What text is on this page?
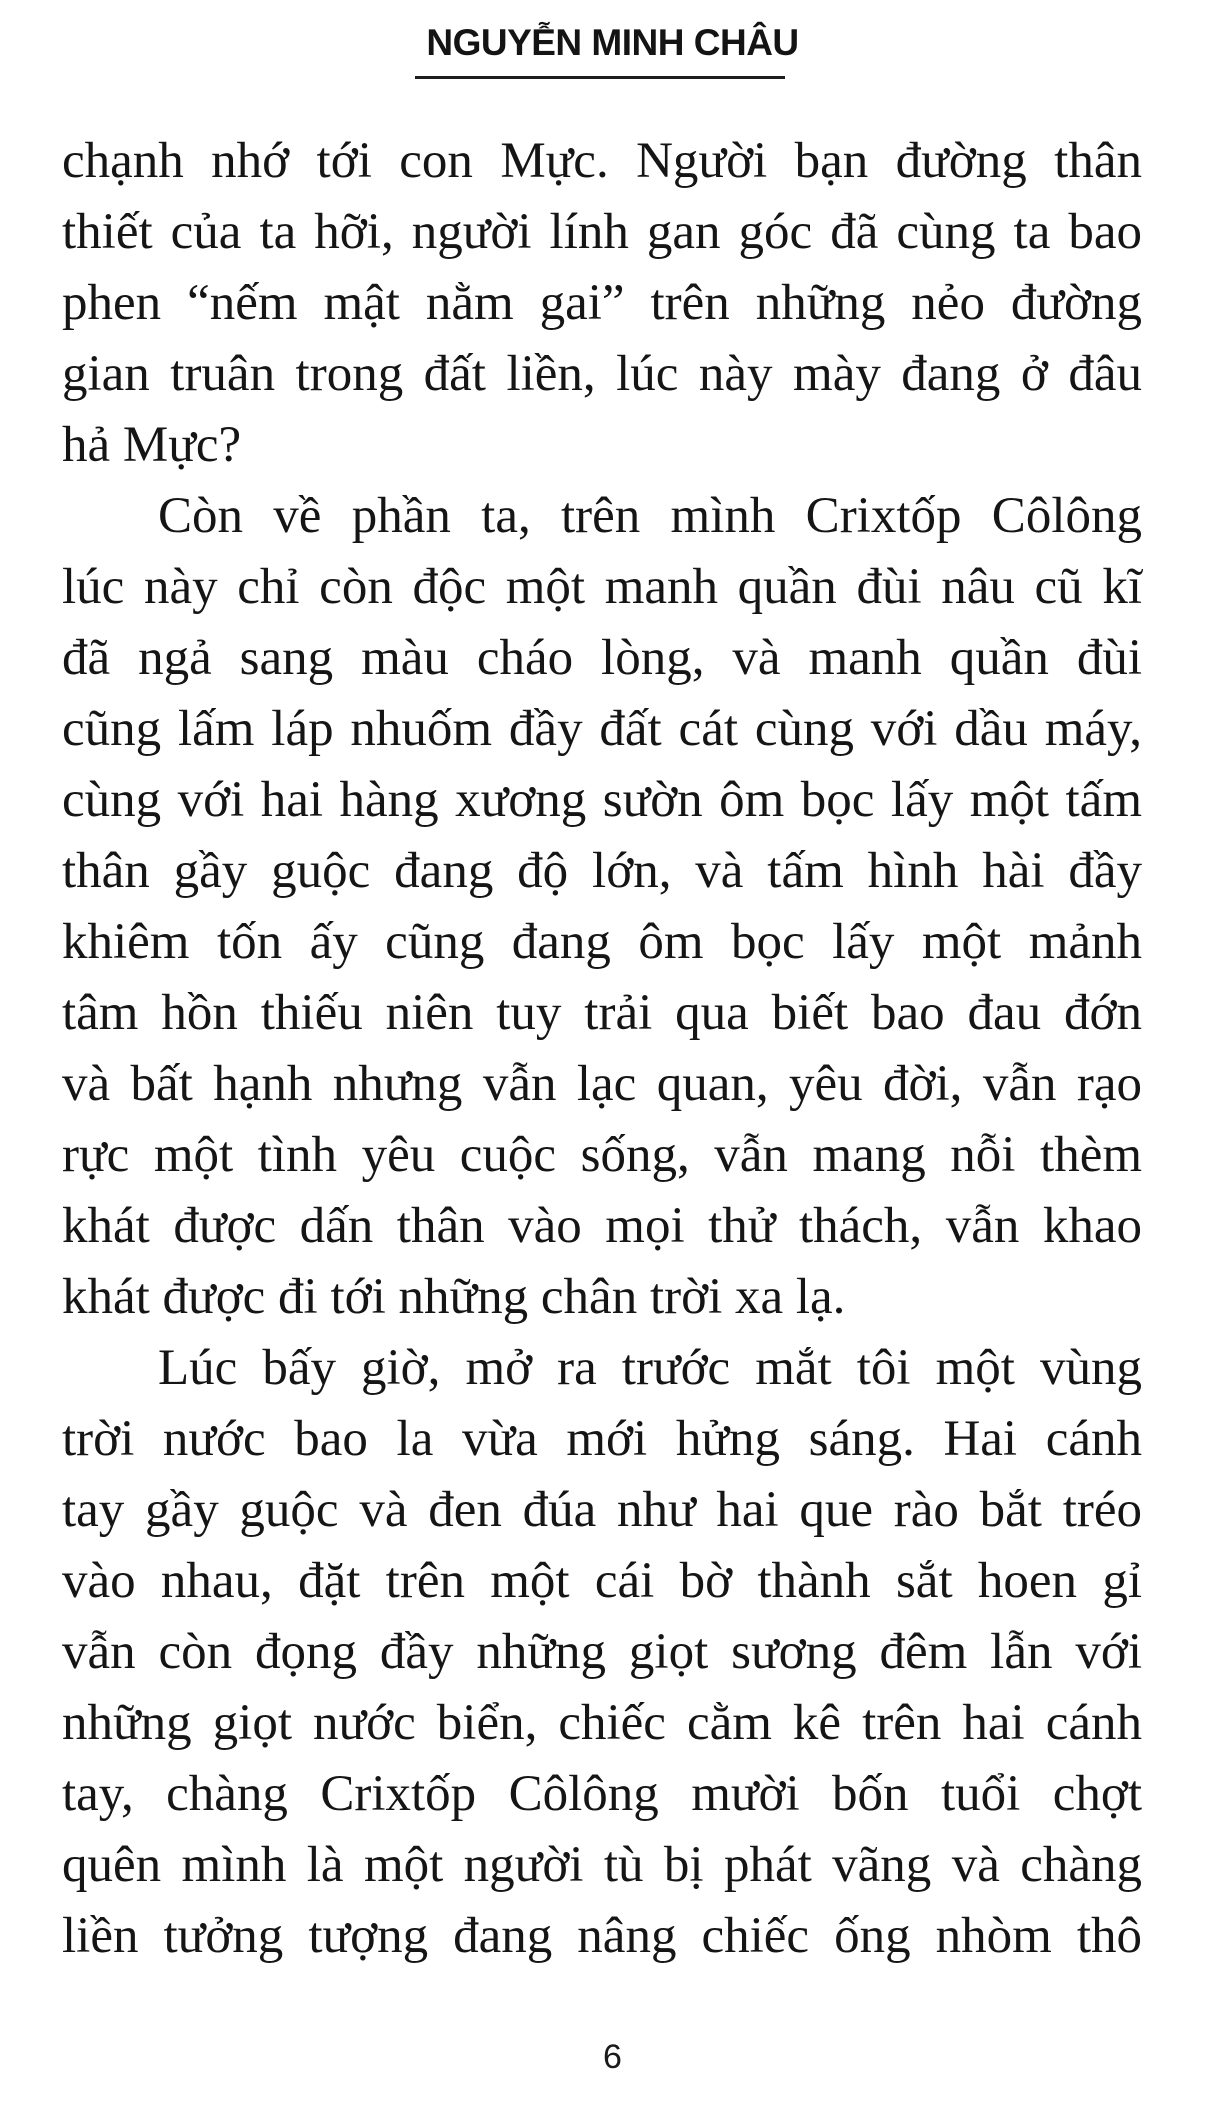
NGUYỄN MINH CHÂU
chạnh nhớ tới con Mực. Người bạn đường thân
thiết của ta hỡi, người lính gan góc đã cùng ta bao
phen “nếm mật nằm gai” trên những nẻo đường
gian truân trong đất liền, lúc này mày đang ở đâu
hả Mực?
Còn về phần ta, trên mình Crixtốp Côlông
lúc này chỉ còn độc một manh quần đùi nâu cũ kĩ
đã ngả sang màu cháo lòng, và manh quần đùi
cũng lấm láp nhuốm đầy đất cát cùng với dầu máy,
cùng với hai hàng xương sườn ôm bọc lấy một tấm
thân gầy guộc đang độ lớn, và tấm hình hài đầy
khiêm tốn ấy cũng đang ôm bọc lấy một mảnh
tâm hồn thiếu niên tuy trải qua biết bao đau đớn
và bất hạnh nhưng vẫn lạc quan, yêu đời, vẫn rạo
rực một tình yêu cuộc sống, vẫn mang nỗi thèm
khát được dấn thân vào mọi thử thách, vẫn khao
khát được đi tới những chân trời xa lạ.
Lúc bấy giờ, mở ra trước mắt tôi một vùng
trời nước bao la vừa mới hửng sáng. Hai cánh
tay gầy guộc và đen đúa như hai que rào bắt tréo
vào nhau, đặt trên một cái bờ thành sắt hoen gỉ
vẫn còn đọng đầy những giọt sương đêm lẫn với
những giọt nước biển, chiếc cằm kê trên hai cánh
tay, chàng Crixtốp Côlông mười bốn tuổi chợt
quên mình là một người tù bị phát vãng và chàng
liền tưởng tượng đang nâng chiếc ống nhòm thô
6
